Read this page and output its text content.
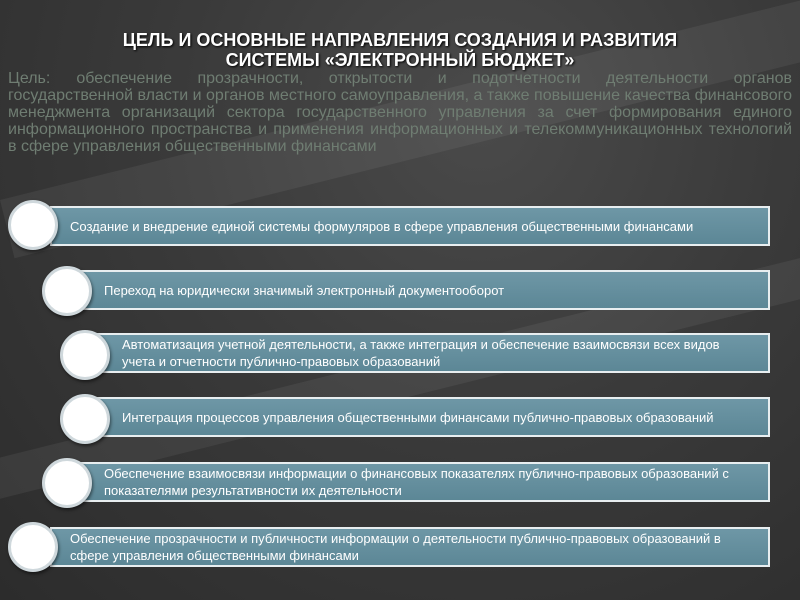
ЦЕЛЬ И ОСНОВНЫЕ НАПРАВЛЕНИЯ СОЗДАНИЯ И РАЗВИТИЯ
СИСТЕМЫ «ЭЛЕКТРОННЫЙ БЮДЖЕТ»
Цель: обеспечение прозрачности, открытости и подотчетности деятельности органов государственной власти и органов местного самоуправления, а также повышение качества финансового менеджмента организаций сектора государственного управления за счет формирования единого информационного пространства и применения информационных и телекоммуникационных технологий в сфере управления общественными финансами
Создание и внедрение единой системы формуляров в сфере управления общественными финансами
Переход на юридически значимый электронный документооборот
Автоматизация учетной деятельности, а также интеграция и обеспечение взаимосвязи всех видов учета и отчетности публично-правовых образований
Интеграция процессов управления общественными финансами публично-правовых образований
Обеспечение взаимосвязи информации о финансовых показателях публично-правовых образований с показателями результативности их деятельности
Обеспечение прозрачности и публичности информации о деятельности публично-правовых образований в сфере управления общественными финансами
